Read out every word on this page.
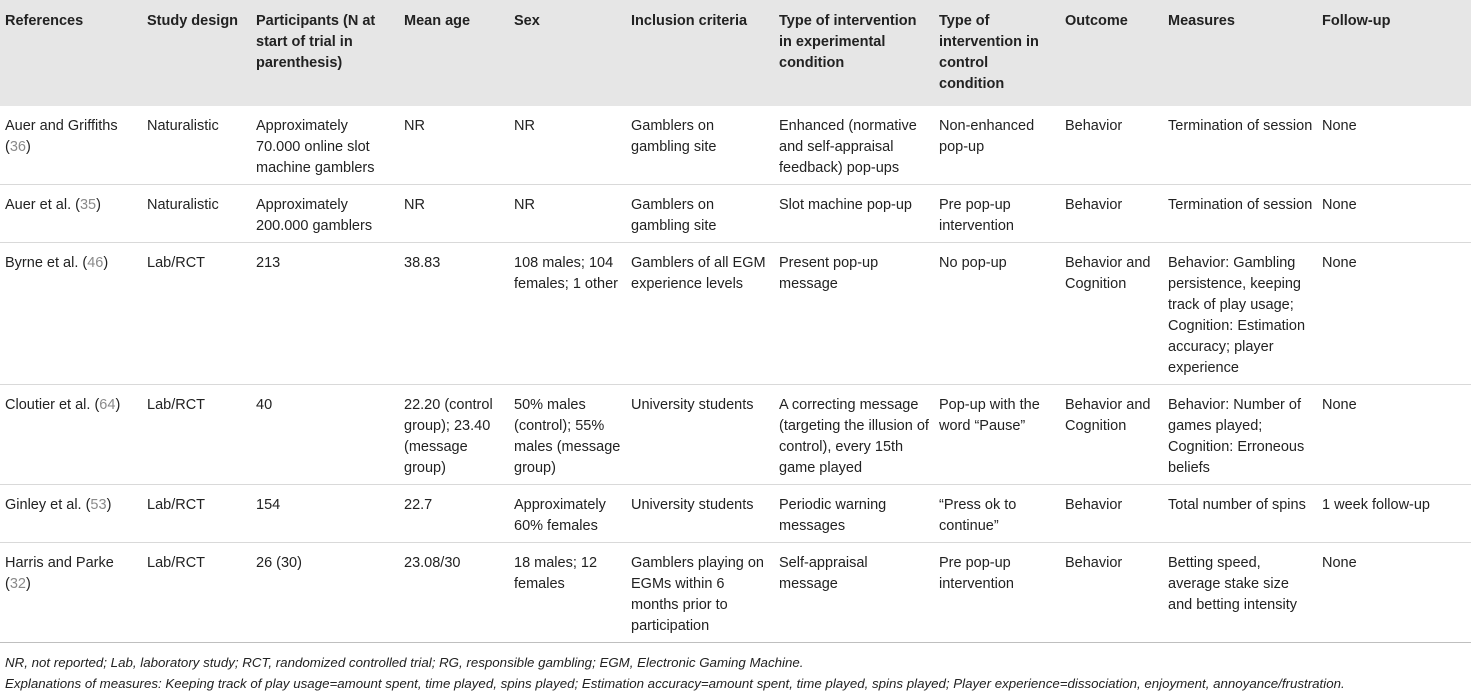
References	Study design	Participants (N at start of trial in parenthesis)	Mean age	Sex	Inclusion criteria	Type of intervention in experimental condition	Type of intervention in control condition	Outcome	Measures	Follow-up
Auer and Griffiths (36)	Naturalistic	Approximately 70.000 online slot machine gamblers	NR	NR	Gamblers on gambling site	Enhanced (normative and self-appraisal feedback) pop-ups	Non-enhanced pop-up	Behavior	Termination of session	None
Auer et al. (35)	Naturalistic	Approximately 200.000 gamblers	NR	NR	Gamblers on gambling site	Slot machine pop-up	Pre pop-up intervention	Behavior	Termination of session	None
Byrne et al. (46)	Lab/RCT	213	38.83	108 males; 104 females; 1 other	Gamblers of all EGM experience levels	Present pop-up message	No pop-up	Behavior and Cognition	Behavior: Gambling persistence, keeping track of play usage; Cognition: Estimation accuracy; player experience	None
Cloutier et al. (64)	Lab/RCT	40	22.20 (control group); 23.40 (message group)	50% males (control); 55% males (message group)	University students	A correcting message (targeting the illusion of control), every 15th game played	Pop-up with the word “Pause”	Behavior and Cognition	Behavior: Number of games played; Cognition: Erroneous beliefs	None
Ginley et al. (53)	Lab/RCT	154	22.7	Approximately 60% females	University students	Periodic warning messages	“Press ok to continue”	Behavior	Total number of spins	1 week follow-up
Harris and Parke (32)	Lab/RCT	26 (30)	23.08/30	18 males; 12 females	Gamblers playing on EGMs within 6 months prior to participation	Self-appraisal message	Pre pop-up intervention	Behavior	Betting speed, average stake size and betting intensity	None
NR, not reported; Lab, laboratory study; RCT, randomized controlled trial; RG, responsible gambling; EGM, Electronic Gaming Machine.
Explanations of measures: Keeping track of play usage=amount spent, time played, spins played; Estimation accuracy=amount spent, time played, spins played; Player experience=dissociation, enjoyment, annoyance/frustration.
